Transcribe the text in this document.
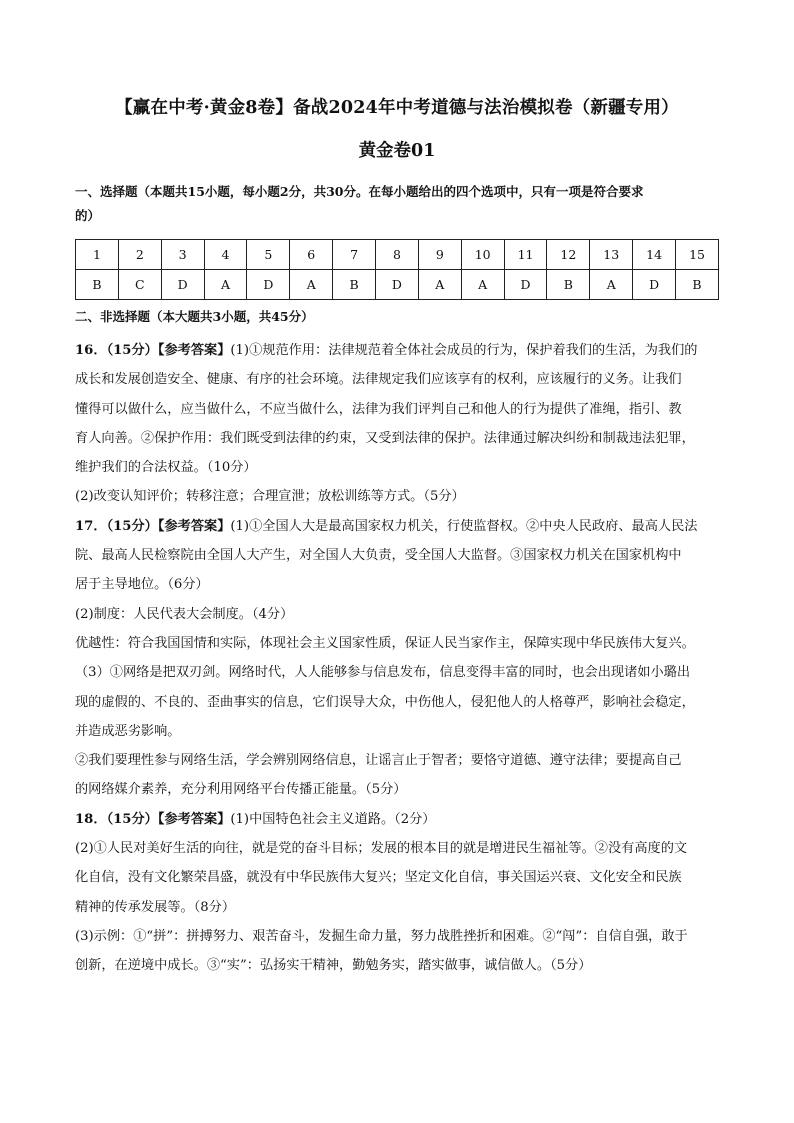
【赢在中考·黄金8卷】备战2024年中考道德与法治模拟卷（新疆专用）
黄金卷01
一、选择题（本题共15小题，每小题2分，共30分。在每小题给出的四个选项中，只有一项是符合要求
的）
1	2	3	4	5	6	7	8	9	10	11	12	13	14	15
B	C	D	A	D	A	B	D	A	A	D	B	A	D	B
二、非选择题（本大题共3小题，共45分）

16．（15分）【参考答案】(1)①规范作用：法律规范着全体社会成员的行为，保护着我们的生活，为我们的

成长和发展创造安全、健康、有序的社会环境。法律规定我们应该享有的权利，应该履行的义务。让我们

懂得可以做什么，应当做什么，不应当做什么，法律为我们评判自己和他人的行为提供了准绳，指引、教

育人向善。②保护作用：我们既受到法律的约束，又受到法律的保护。法律通过解决纠纷和制裁违法犯罪，

维护我们的合法权益。（10分）

(2)改变认知评价；转移注意；合理宣泄；放松训练等方式。（5分）

17．（15分）【参考答案】(1)①全国人大是最高国家权力机关，行使监督权。②中央人民政府、最高人民法

院、最高人民检察院由全国人大产生，对全国人大负责，受全国人大监督。③国家权力机关在国家机构中

居于主导地位。（6分）

(2)制度：人民代表大会制度。（4分）

优越性：符合我国国情和实际，体现社会主义国家性质，保证人民当家作主，保障实现中华民族伟大复兴。

（3）①网络是把双刃剑。网络时代，人人能够参与信息发布，信息变得丰富的同时，也会出现诸如小璐出

现的虚假的、不良的、歪曲事实的信息，它们误导大众，中伤他人，侵犯他人的人格尊严，影响社会稳定，

并造成恶劣影响。

②我们要理性参与网络生活，学会辨别网络信息，让谣言止于智者；要恪守道德、遵守法律；要提高自己

的网络媒介素养，充分利用网络平台传播正能量。（5分）

18．（15分）【参考答案】(1)中国特色社会主义道路。（2分）

(2)①人民对美好生活的向往，就是党的奋斗目标；发展的根本目的就是增进民生福祉等。②没有高度的文

化自信，没有文化繁荣昌盛，就没有中华民族伟大复兴；坚定文化自信，事关国运兴衰、文化安全和民族

精神的传承发展等。（8分）

(3)示例：①“拼”：拼搏努力、艰苦奋斗，发掘生命力量，努力战胜挫折和困难。②“闯”：自信自强，敢于

创新，在逆境中成长。③“实”：弘扬实干精神，勤勉务实，踏实做事，诚信做人。（5分）
